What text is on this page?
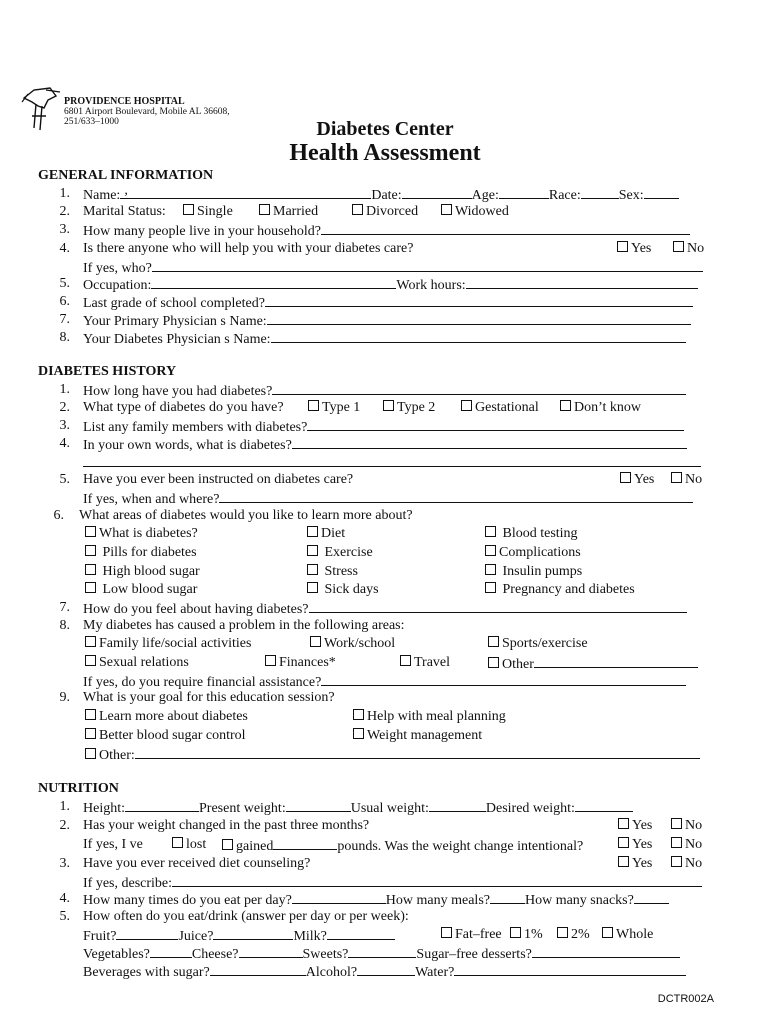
PROVIDENCE HOSPITAL
6801 Airport Boulevard, Mobile AL 36608,
251/633–1000	Diabetes Center
Health Assessment
GENERAL INFORMATION
1. Name: ,	Date:	Age:	Race:	Sex:
2. Marital Status:	Single	Married	Divorced	Widowed
3. How many people live in your household?
4. Is there anyone who will help you with your diabetes care?	Yes	No
If yes, who?
5. Occupation:	Work hours:
6. Last grade of school completed?
7. Your Primary Physician s Name:
8. Your Diabetes Physician s Name:
DIABETES HISTORY
1. How long have you had diabetes?
2. What type of diabetes do you have?	Type 1	Type 2	Gestational	Don’t know
3. List any family members with diabetes?
4. In your own words, what is diabetes?
5. Have you ever been instructed on diabetes care?	Yes	No
If yes, when and where?
6. What areas of diabetes would you like to learn more about?
What is diabetes?	Diet	Blood testing
Pills for diabetes	Exercise	Complications
High blood sugar	Stress	Insulin pumps
Low blood sugar	Sick days	Pregnancy and diabetes
7. How do you feel about having diabetes?
8. My diabetes has caused a problem in the following areas:
Family life/social activities	Work/school	Sports/exercise
Sexual relations	Finances*	Travel	Other
If yes, do you require financial assistance?
9. What is your goal for this education session?
Learn more about diabetes	Help with meal planning
Better blood sugar control	Weight management
Other:
NUTRITION
1. Height:	Present weight:	Usual weight:	Desired weight:
2. Has your weight changed in the past three months?	Yes	No
If yes, I ve	lost	gained	pounds. Was the weight change intentional?	Yes	No
3. Have you ever received diet counseling?	Yes	No
If yes, describe:
4. How many times do you eat per day?	How many meals?	How many snacks?
5. How often do you eat/drink (answer per day or per week):
Fruit?	Juice?	Milk?	Fat–free	1%	2%	Whole
Vegetables?	Cheese?	Sweets?	Sugar–free desserts?
Beverages with sugar?	Alcohol?	Water?
DCTR002A
